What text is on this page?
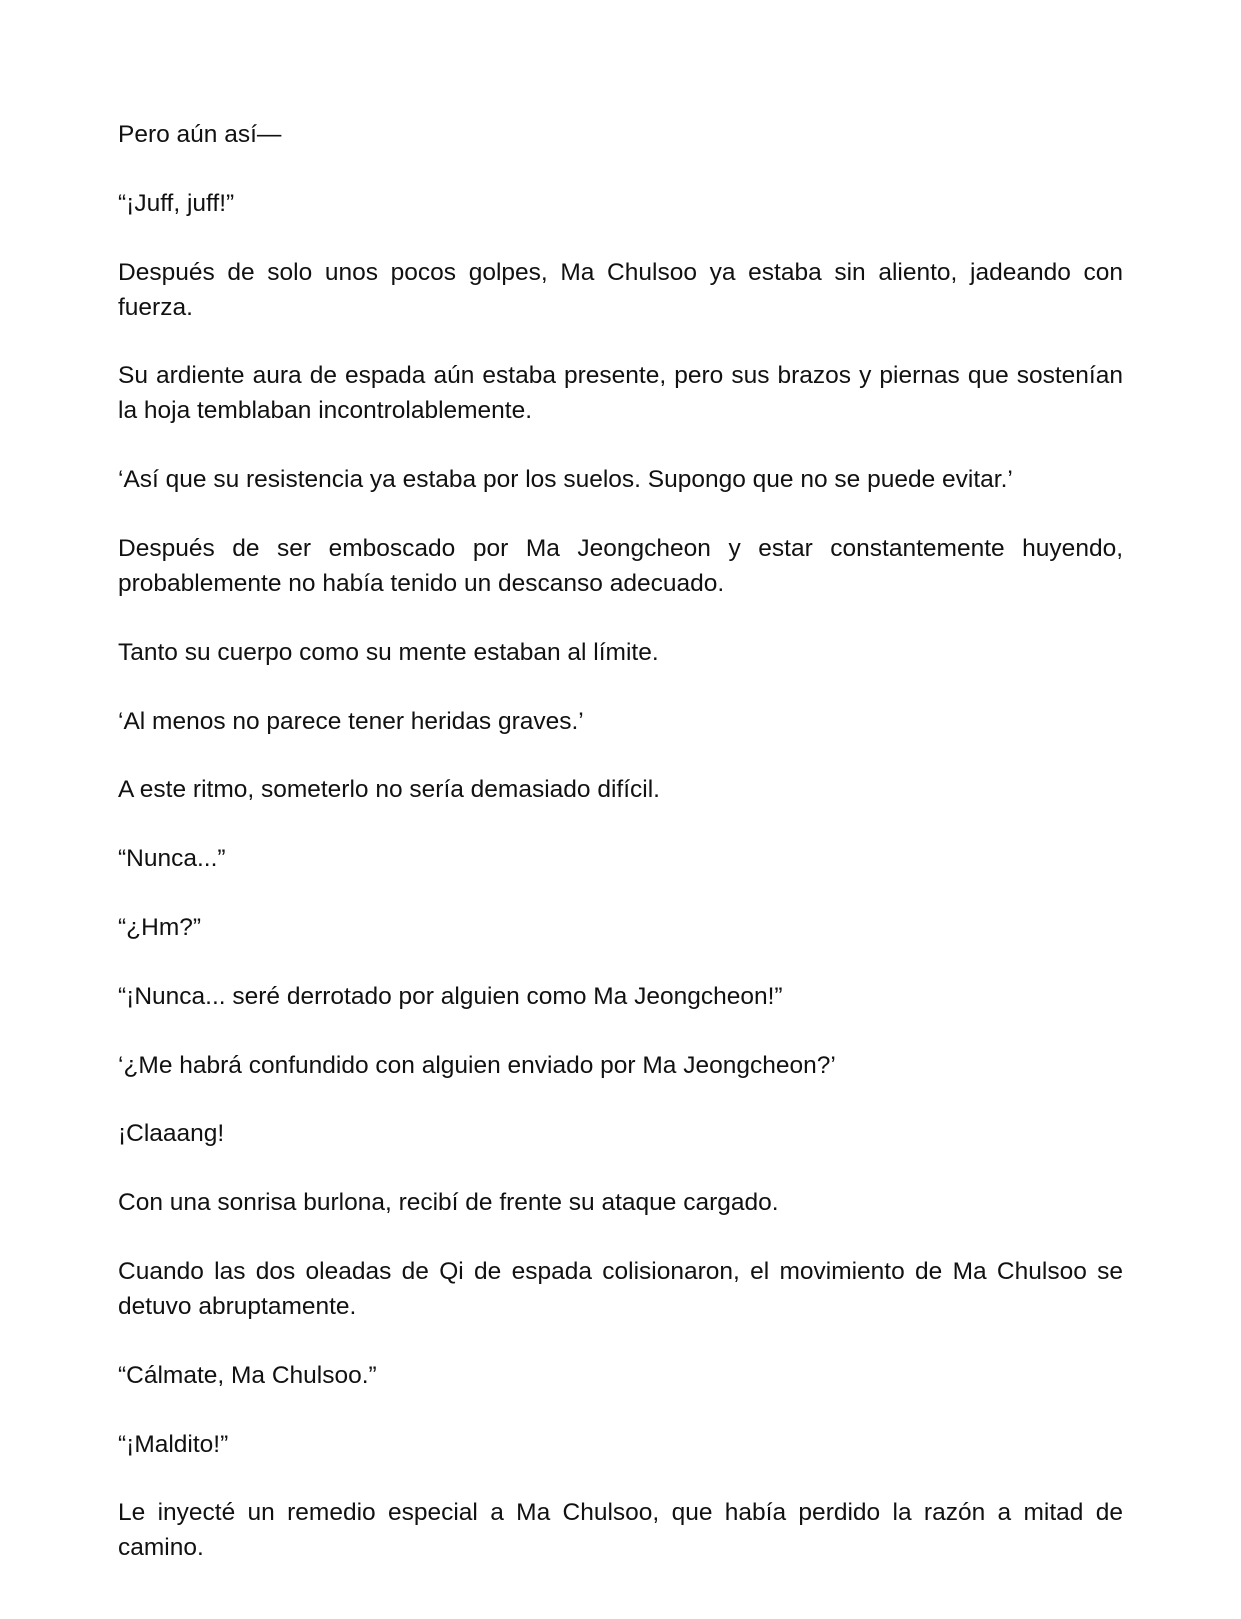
Pero aún así—

“¡Juff, juff!”

Después de solo unos pocos golpes, Ma Chulsoo ya estaba sin aliento, jadeando con fuerza.

Su ardiente aura de espada aún estaba presente, pero sus brazos y piernas que sostenían la hoja temblaban incontrolablemente.

‘Así que su resistencia ya estaba por los suelos. Supongo que no se puede evitar.’

Después de ser emboscado por Ma Jeongcheon y estar constantemente huyendo, probablemente no había tenido un descanso adecuado.

Tanto su cuerpo como su mente estaban al límite.

‘Al menos no parece tener heridas graves.’

A este ritmo, someterlo no sería demasiado difícil.

“Nunca...”

“¿Hm?”

“¡Nunca... seré derrotado por alguien como Ma Jeongcheon!”

‘¿Me habrá confundido con alguien enviado por Ma Jeongcheon?’

¡Claaang!

Con una sonrisa burlona, recibí de frente su ataque cargado.

Cuando las dos oleadas de Qi de espada colisionaron, el movimiento de Ma Chulsoo se detuvo abruptamente.

“Cálmate, Ma Chulsoo.”

“¡Maldito!”

Le inyecté un remedio especial a Ma Chulsoo, que había perdido la razón a mitad de camino.
